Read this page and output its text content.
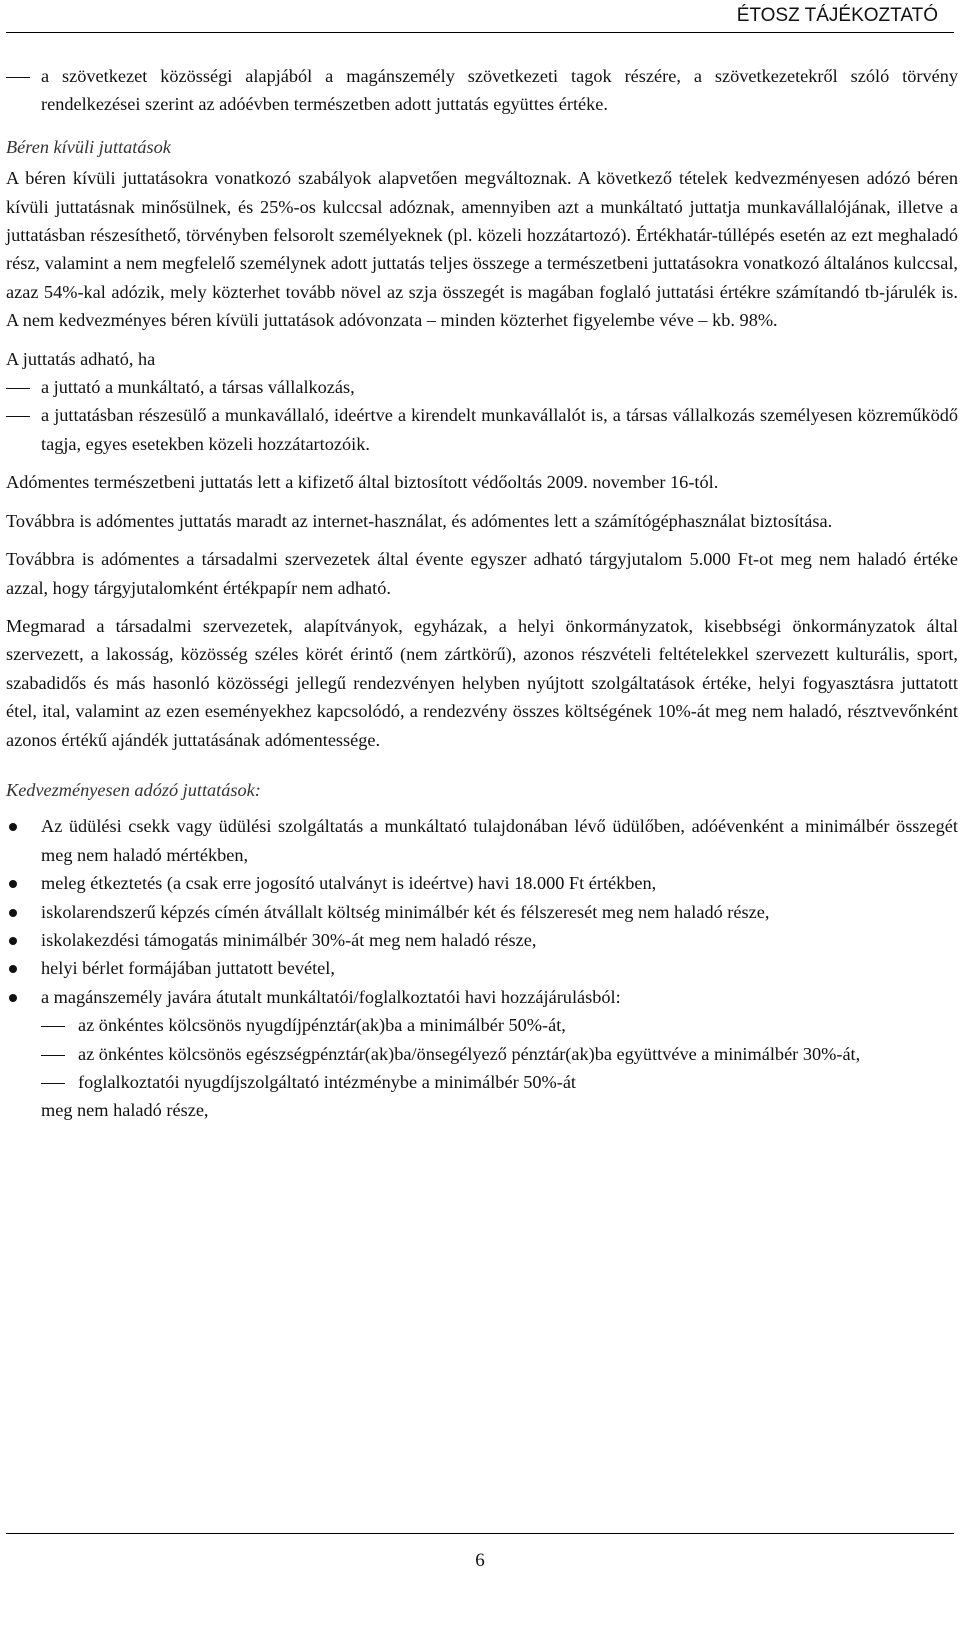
ÉTOSZ TÁJÉKOZTATÓ
a szövetkezet közösségi alapjából a magánszemély szövetkezeti tagok részére, a szövetkezetekről szóló törvény rendelkezései szerint az adóévben természetben adott juttatás együttes értéke.
Béren kívüli juttatások

A béren kívüli juttatásokra vonatkozó szabályok alapvetően megváltoznak. A következő tételek kedvezményesen adózó béren kívüli juttatásnak minősülnek, és 25%-os kulccsal adóznak, amennyiben azt a munkáltató juttatja munkavállalójának, illetve a juttatásban részesíthető, törvényben felsorolt személyeknek (pl. közeli hozzátartozó). Értékhatár-túllépés esetén az ezt meghaladó rész, valamint a nem megfelelő személynek adott juttatás teljes összege a természetbeni juttatásokra vonatkozó általános kulccsal, azaz 54%-kal adózik, mely közterhet tovább növel az szja összegét is magában foglaló juttatási értékre számítandó tb-járulék is. A nem kedvezményes béren kívüli juttatások adóvonzata – minden közterhet figyelembe véve – kb. 98%.

A juttatás adható, ha

a juttató a munkáltató, a társas vállalkozás,
a juttatásban részesülő a munkavállaló, ideértve a kirendelt munkavállalót is, a társas vállalkozás személyesen közreműködő tagja, egyes esetekben közeli hozzátartozóik.

Adómentes természetbeni juttatás lett a kifizető által biztosított védőoltás 2009. november 16-tól.

Továbbra is adómentes juttatás maradt az internet-használat, és adómentes lett a számítógéphasználat biztosítása.

Továbbra is adómentes a társadalmi szervezetek által évente egyszer adható tárgyjutalom 5.000 Ft-ot meg nem haladó értéke azzal, hogy tárgyjutalomként értékpapír nem adható.

Megmarad a társadalmi szervezetek, alapítványok, egyházak, a helyi önkormányzatok, kisebbségi önkormányzatok által szervezett, a lakosság, közösség széles körét érintő (nem zártkörű), azonos részvételi feltételekkel szervezett kulturális, sport, szabadidős és más hasonló közösségi jellegű rendezvényen helyben nyújtott szolgáltatások értéke, helyi fogyasztásra juttatott étel, ital, valamint az ezen eseményekhez kapcsolódó, a rendezvény összes költségének 10%-át meg nem haladó, résztvevőnként azonos értékű ajándék juttatásának adómentessége.

Kedvezményesen adózó juttatások:
Az üdülési csekk vagy üdülési szolgáltatás a munkáltató tulajdonában lévő üdülőben, adóévenként a minimálbér összegét meg nem haladó mértékben,
meleg étkeztetés (a csak erre jogosító utalványt is ideértve) havi 18.000 Ft értékben,
iskolarendszerű képzés címén átvállalt költség minimálbér két és félszeresét meg nem haladó része,
iskolakezdési támogatás minimálbér 30%-át meg nem haladó része,
helyi bérlet formájában juttatott bevétel,
a magánszemély javára átutalt munkáltatói/foglalkoztatói havi hozzájárulásból:
az önkéntes kölcsönös nyugdíjpénztár(ak)ba a minimálbér 50%-át,
az önkéntes kölcsönös egészségpénztár(ak)ba/önsegélyező pénztár(ak)ba együttvéve a minimálbér 30%-át,
foglalkoztatói nyugdíjszolgáltató intézménybe a minimálbér 50%-át
meg nem haladó része,
6
